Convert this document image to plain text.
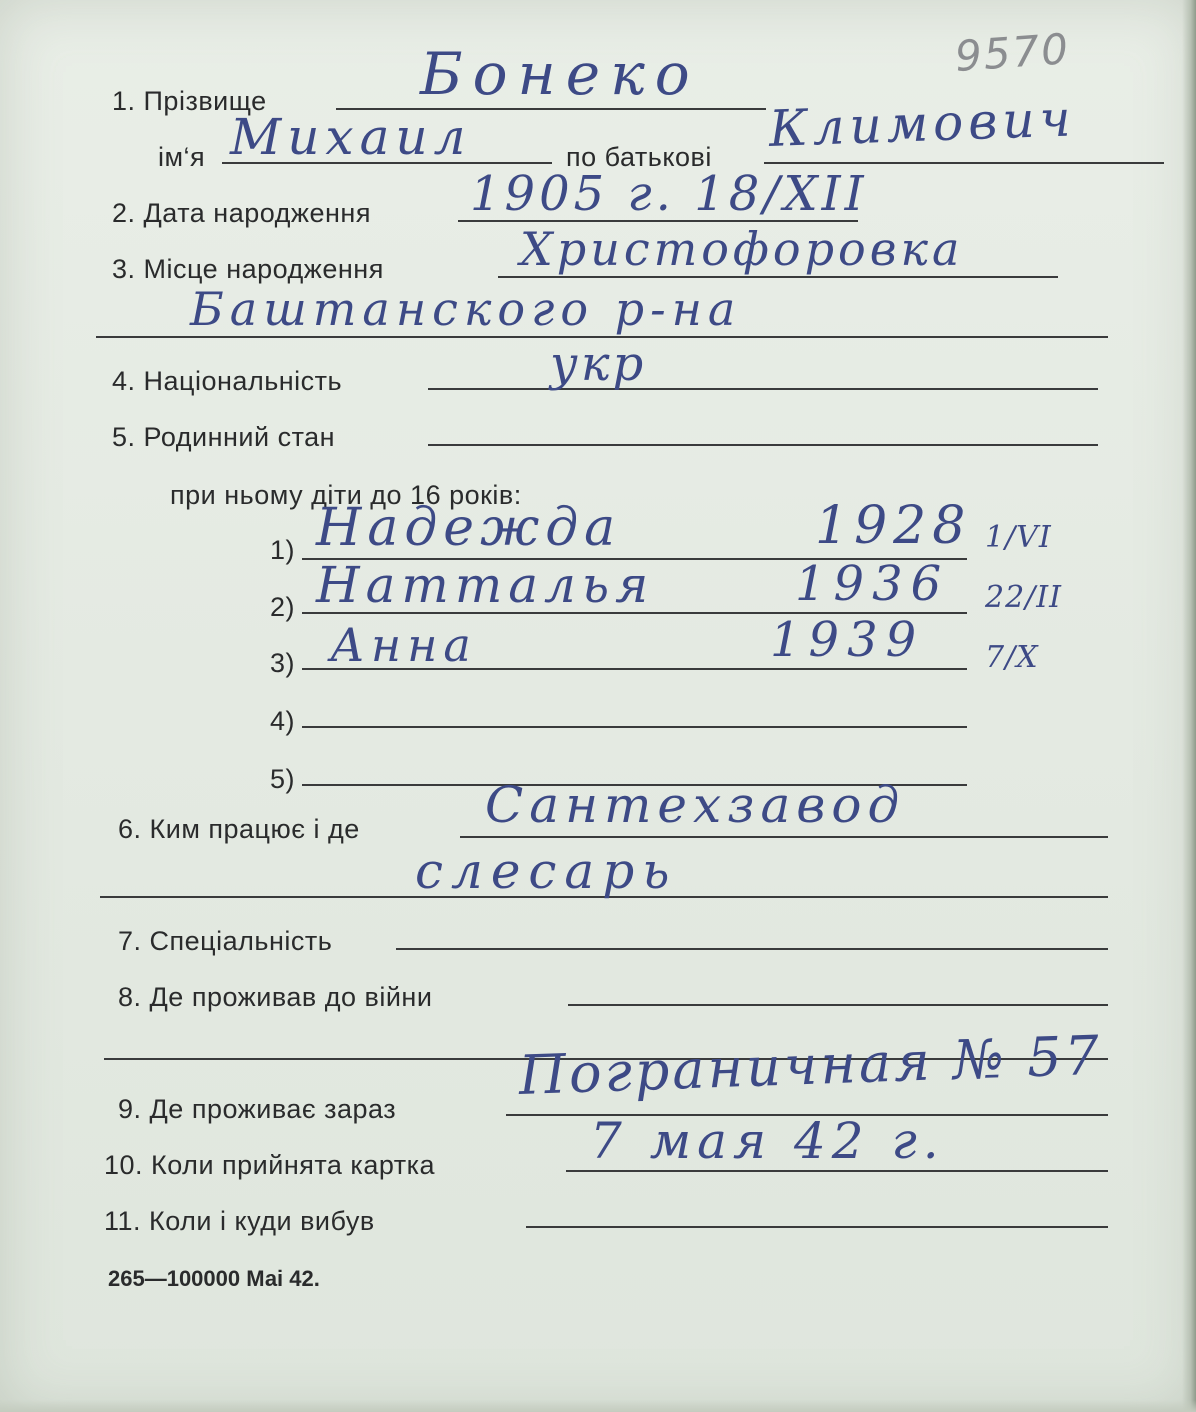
9570
1. Прізвище	Бонеко
ім‘я Михаил	по батькові Климович
2. Дата народження 1905 г. 18/XII
3. Місце народження	Христофоровка
Баштанского р-на
4. Національність	укр
5. Родинний стан
при ньому діти до 16 років:
1) Надежда	1928 1/VI
2) Натталья	1936 22/II
3) Анна	1939 7/X
4)
5)
6. Ким працює і де	Сантехзавод
слесарь
7. Спеціальність
8. Де проживав до війни
9. Де проживає зараз
Пограничная № 57
10. Коли прийнята картка	7 мая 42 г.
11. Коли і куди вибув
265—100000 Маі 42.
